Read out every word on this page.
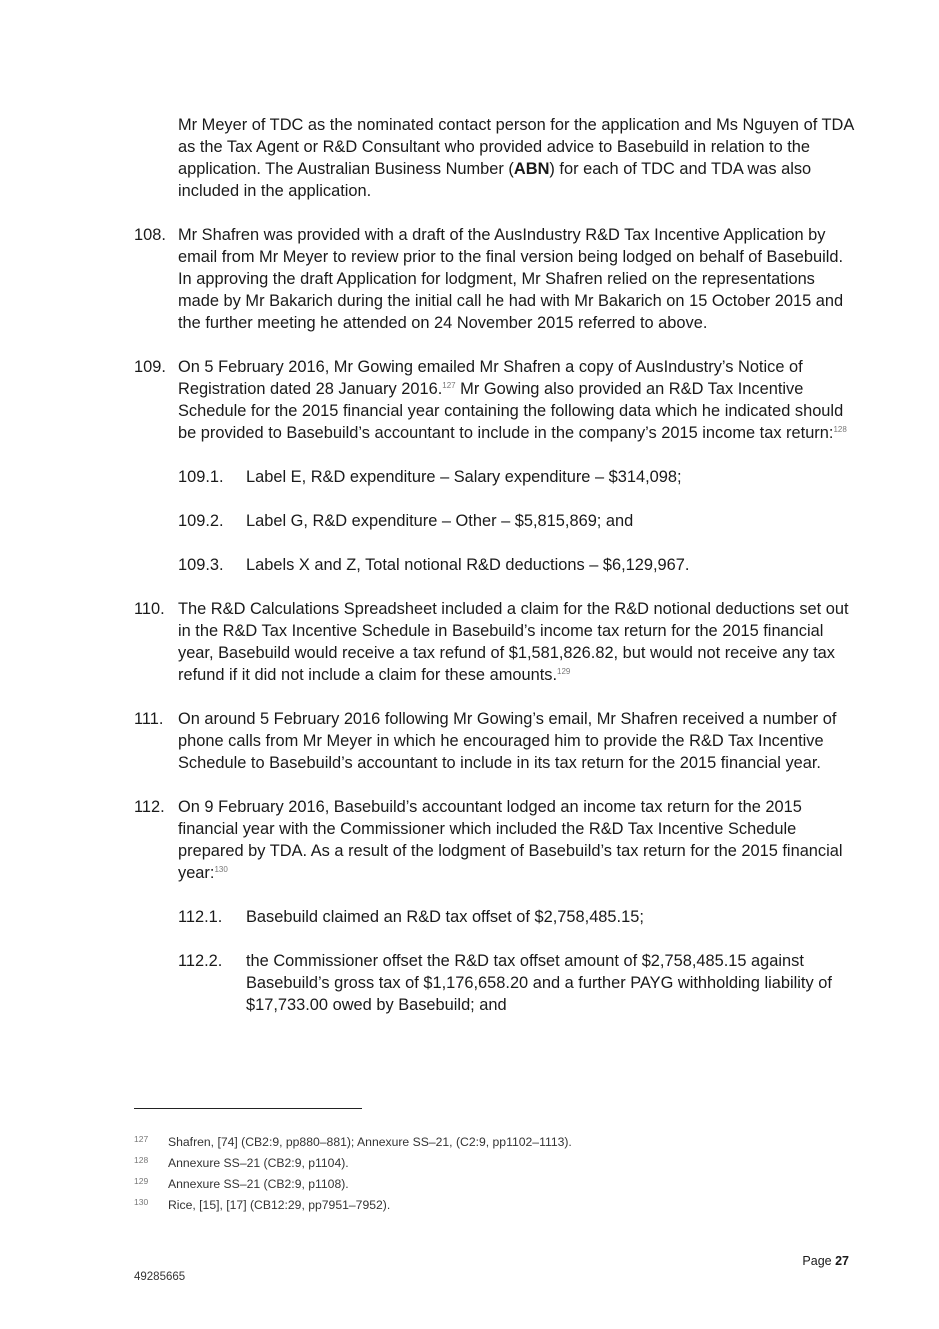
Mr Meyer of TDC as the nominated contact person for the application and Ms Nguyen of TDA as the Tax Agent or R&D Consultant who provided advice to Basebuild in relation to the application. The Australian Business Number (ABN) for each of TDC and TDA was also included in the application.

108. Mr Shafren was provided with a draft of the AusIndustry R&D Tax Incentive Application by email from Mr Meyer to review prior to the final version being lodged on behalf of Basebuild. In approving the draft Application for lodgment, Mr Shafren relied on the representations made by Mr Bakarich during the initial call he had with Mr Bakarich on 15 October 2015 and the further meeting he attended on 24 November 2015 referred to above.

109. On 5 February 2016, Mr Gowing emailed Mr Shafren a copy of AusIndustry’s Notice of Registration dated 28 January 2016.$^{127}$ Mr Gowing also provided an R&D Tax Incentive Schedule for the 2015 financial year containing the following data which he indicated should be provided to Basebuild’s accountant to include in the company’s 2015 income tax return:$^{128}$

109.1. Label E, R&D expenditure – Salary expenditure – $314,098;

109.2. Label G, R&D expenditure – Other – $5,815,869; and

109.3. Labels X and Z, Total notional R&D deductions – $6,129,967.

110. The R&D Calculations Spreadsheet included a claim for the R&D notional deductions set out in the R&D Tax Incentive Schedule in Basebuild’s income tax return for the 2015 financial year, Basebuild would receive a tax refund of $1,581,826.82, but would not receive any tax refund if it did not include a claim for these amounts.$^{129}$

111. On around 5 February 2016 following Mr Gowing’s email, Mr Shafren received a number of phone calls from Mr Meyer in which he encouraged him to provide the R&D Tax Incentive Schedule to Basebuild’s accountant to include in its tax return for the 2015 financial year.

112. On 9 February 2016, Basebuild’s accountant lodged an income tax return for the 2015 financial year with the Commissioner which included the R&D Tax Incentive Schedule prepared by TDA. As a result of the lodgment of Basebuild’s tax return for the 2015 financial year:$^{130}$

112.1. Basebuild claimed an R&D tax offset of $2,758,485.15;

112.2. the Commissioner offset the R&D tax offset amount of $2,758,485.15 against Basebuild’s gross tax of $1,176,658.20 and a further PAYG withholding liability of $17,733.00 owed by Basebuild; and

127 Shafren, [74] (CB2:9, pp880–881); Annexure SS–21, (C2:9, pp1102–1113).
128 Annexure SS–21 (CB2:9, p1104).
129 Annexure SS–21 (CB2:9, p1108).
130 Rice, [15], [17] (CB12:29, pp7951–7952).
Page 27
49285665
